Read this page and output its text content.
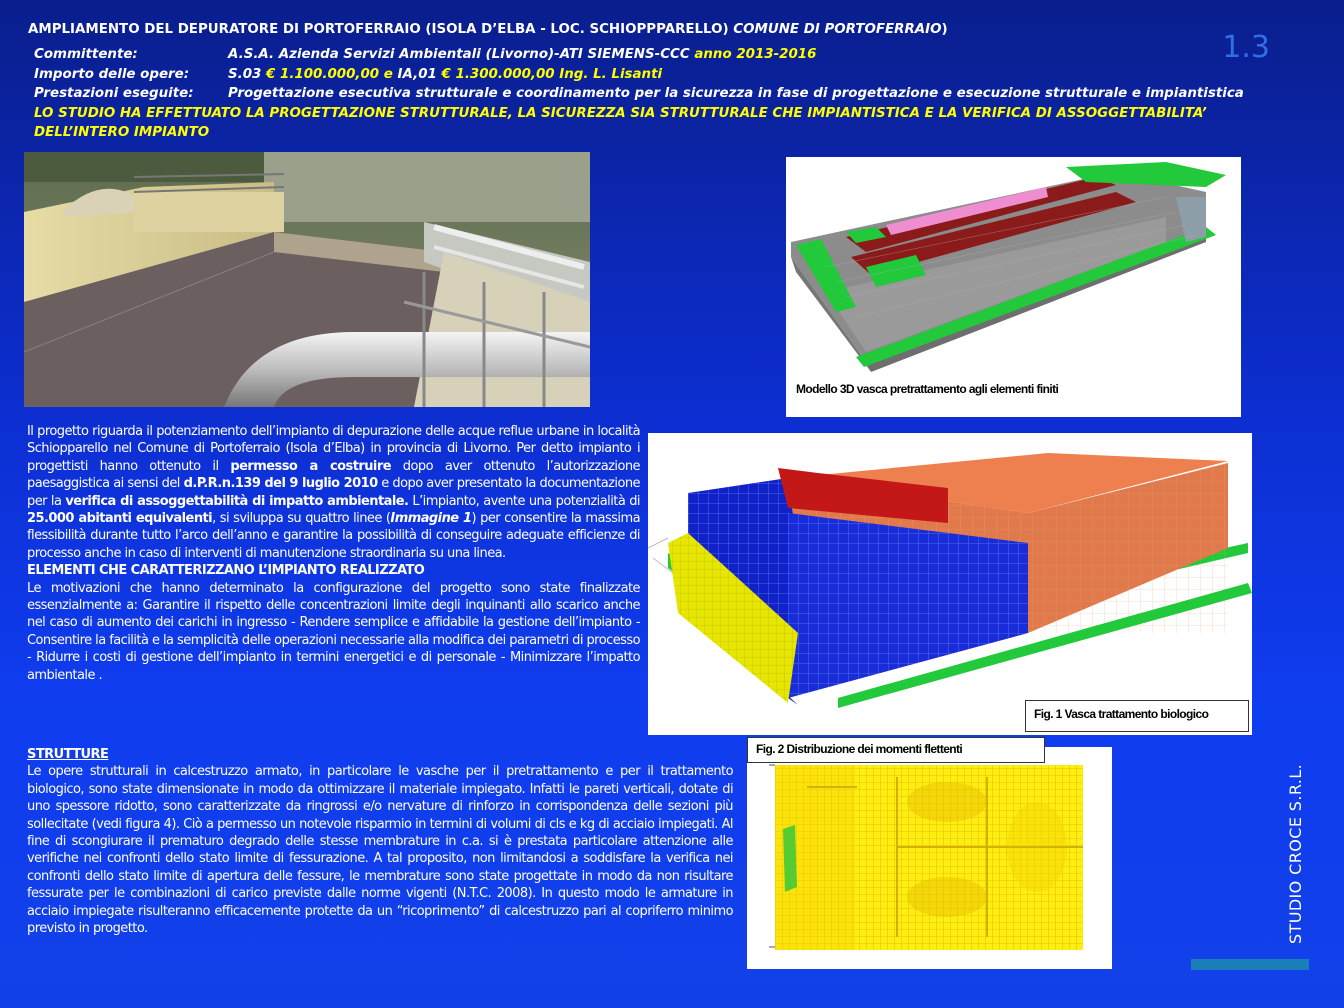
AMPLIAMENTO DEL DEPURATORE DI PORTOFERRAIO (ISOLA D’ELBA - LOC. SCHIOPPPARELLO) COMUNE DI PORTOFERRAIO)
1.3
Committente:	A.S.A. Azienda Servizi Ambientali (Livorno)-ATI SIEMENS-CCC anno 2013-2016
Importo delle opere:	S.03 € 1.100.000,00 e IA,01 € 1.300.000,00 Ing. L. Lisanti
Prestazioni eseguite:	Progettazione esecutiva strutturale e coordinamento per la sicurezza in fase di progettazione e esecuzione strutturale e impiantistica
LO STUDIO HA EFFETTUATO LA PROGETTAZIONE STRUTTURALE, LA SICUREZZA SIA STRUTTURALE CHE IMPIANTISTICA E LA VERIFICA DI ASSOGGETTABILITA’ DELL’INTERO IMPIANTO
Modello 3D vasca pretrattamento agli elementi finiti
Fig. 1 Vasca trattamento biologico
Fig. 2 Distribuzione dei momenti flettenti
Il progetto riguarda il potenziamento dell’impianto di depurazione delle acque reflue urbane in località Schiopparello nel Comune di Portoferraio (Isola d’Elba) in provincia di Livorno. Per detto impianto i progettisti hanno ottenuto il permesso a costruire dopo aver ottenuto l’autorizzazione paesaggistica ai sensi del d.P.R.n.139 del 9 luglio 2010 e dopo aver presentato la documentazione per la verifica di assoggettabilità di impatto ambientale. L’impianto, avente una potenzialità di 25.000 abitanti equivalenti, si sviluppa su quattro linee (Immagine 1) per consentire la massima flessibilità durante tutto l’arco dell’anno e garantire la possibilità di conseguire adeguate efficienze di processo anche in caso di interventi di manutenzione straordinaria su una linea.
ELEMENTI CHE CARATTERIZZANO L’IMPIANTO REALIZZATO
Le motivazioni che hanno determinato la configurazione del progetto sono state finalizzate essenzialmente a: Garantire il rispetto delle concentrazioni limite degli inquinanti allo scarico anche nel caso di aumento dei carichi in ingresso - Rendere semplice e affidabile la gestione dell’impianto - Consentire la facilità e la semplicità delle operazioni necessarie alla modifica dei parametri di processo - Ridurre i costi di gestione dell’impianto in termini energetici e di personale - Minimizzare l’impatto ambientale .
STRUTTURE
Le opere strutturali in calcestruzzo armato, in particolare le vasche per il pretrattamento e per il trattamento biologico, sono state dimensionate in modo da ottimizzare il materiale impiegato. Infatti le pareti verticali, dotate di uno spessore ridotto, sono caratterizzate da ringrossi e/o nervature di rinforzo in corrispondenza delle sezioni più sollecitate (vedi figura 4). Ciò a permesso un notevole risparmio in termini di volumi di cls e kg di acciaio impiegati. Al fine di scongiurare il prematuro degrado delle stesse membrature in c.a. si è prestata particolare attenzione alle verifiche nei confronti dello stato limite di fessurazione. A tal proposito, non limitandosi a soddisfare la verifica nei confronti dello stato limite di apertura delle fessure, le membrature sono state progettate in modo da non risultare fessurate per le combinazioni di carico previste dalle norme vigenti (N.T.C. 2008). In questo modo le armature in acciaio impiegate risulteranno efficacemente protette da un “ricoprimento” di calcestruzzo pari al copriferro minimo previsto in progetto.	STUDIO CROCE S.R.L.
